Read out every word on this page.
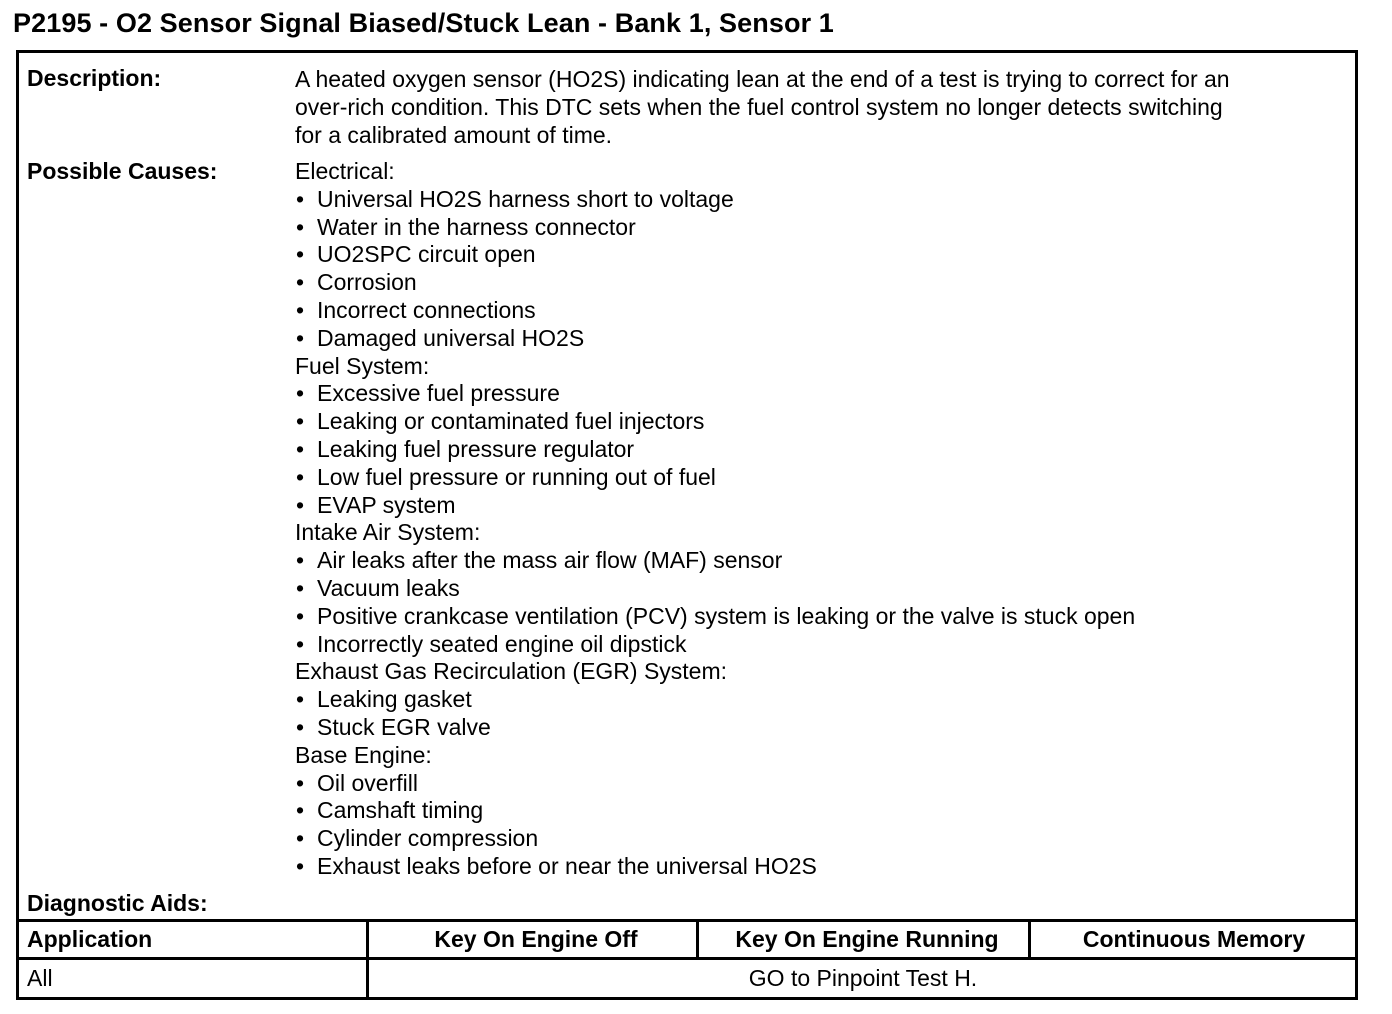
P2195 - O2 Sensor Signal Biased/Stuck Lean - Bank 1, Sensor 1
Description:	A heated oxygen sensor (HO2S) indicating lean at the end of a test is trying to correct for an
over-rich condition. This DTC sets when the fuel control system no longer detects switching
for a calibrated amount of time.
Possible Causes:	Electrical:
• Universal HO2S harness short to voltage
• Water in the harness connector
• UO2SPC circuit open
• Corrosion
• Incorrect connections
• Damaged universal HO2S
Fuel System:
• Excessive fuel pressure
• Leaking or contaminated fuel injectors
• Leaking fuel pressure regulator
• Low fuel pressure or running out of fuel
• EVAP system
Intake Air System:
• Air leaks after the mass air flow (MAF) sensor
• Vacuum leaks
• Positive crankcase ventilation (PCV) system is leaking or the valve is stuck open
• Incorrectly seated engine oil dipstick
Exhaust Gas Recirculation (EGR) System:
• Leaking gasket
• Stuck EGR valve
Base Engine:
• Oil overfill
• Camshaft timing
• Cylinder compression
• Exhaust leaks before or near the universal HO2S
Diagnostic Aids:
Application	Key On Engine Off	Key On Engine Running	Continuous Memory
All	GO to Pinpoint Test H.
